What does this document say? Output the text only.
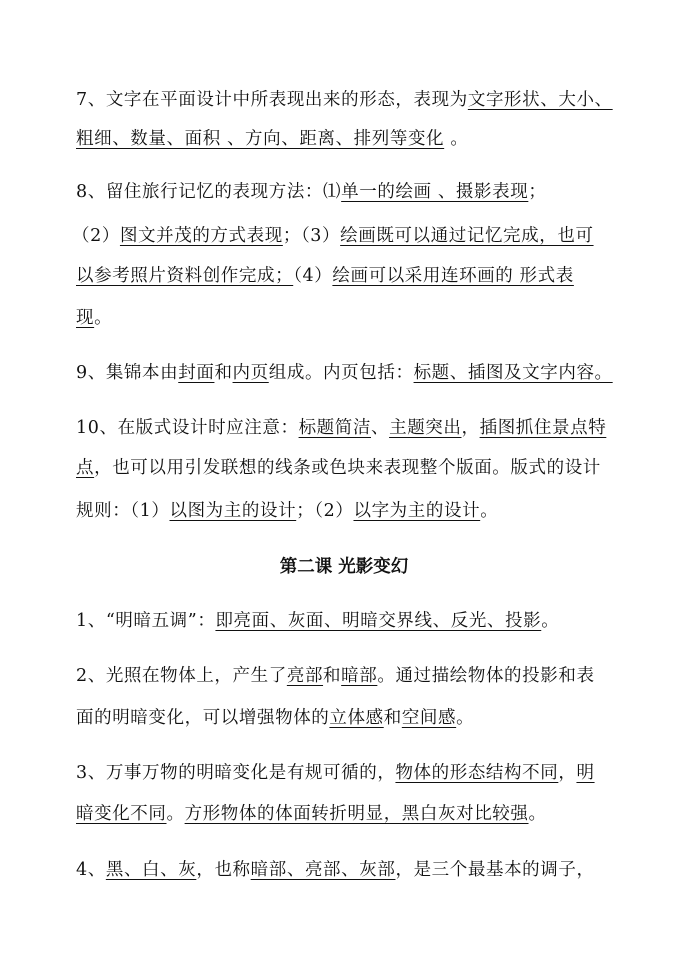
7、文字在平面设计中所表现出来的形态，表现为文字形状、大小、
粗细、数量、面积 、方向、距离、排列等变化 。
8、留住旅行记忆的表现方法：⑴单一的绘画 、摄影表现；
（2）图文并茂的方式表现；（3）绘画既可以通过记忆完成，也可
以参考照片资料创作完成；（4）绘画可以采用连环画的 形式表
现。
9、集锦本由封面和内页组成。内页包括：标题、插图及文字内容。
10、在版式设计时应注意：标题简洁、主题突出，插图抓住景点特
点，也可以用引发联想的线条或色块来表现整个版面。版式的设计
规则：（1）以图为主的设计；（2）以字为主的设计。
第二课 光影变幻
1、“明暗五调”：即亮面、灰面、明暗交界线、反光、投影。
2、光照在物体上，产生了亮部和暗部。通过描绘物体的投影和表
面的明暗变化，可以增强物体的立体感和空间感。
3、万事万物的明暗变化是有规可循的，物体的形态结构不同，明
暗变化不同。方形物体的体面转折明显，黑白灰对比较强。
4、黑、白、灰，也称暗部、亮部、灰部，是三个最基本的调子，
